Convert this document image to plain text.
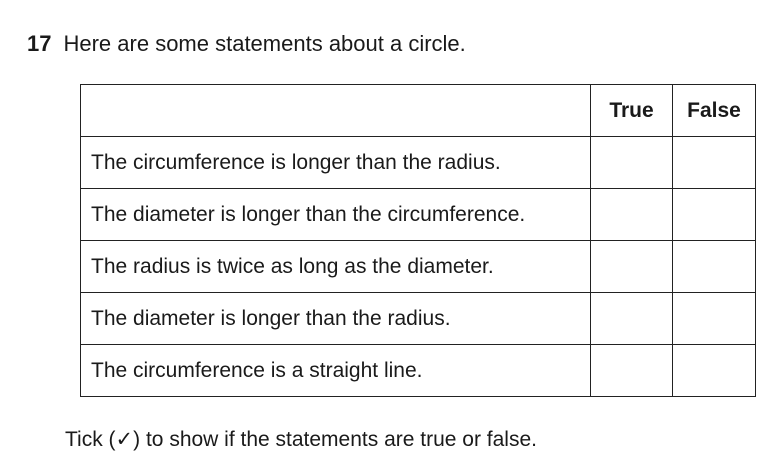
17 Here are some statements about a circle.
	True	False
The circumference is longer than the radius.		
The diameter is longer than the circumference.		
The radius is twice as long as the diameter.		
The diameter is longer than the radius.		
The circumference is a straight line.		
Tick (✓) to show if the statements are true or false.
